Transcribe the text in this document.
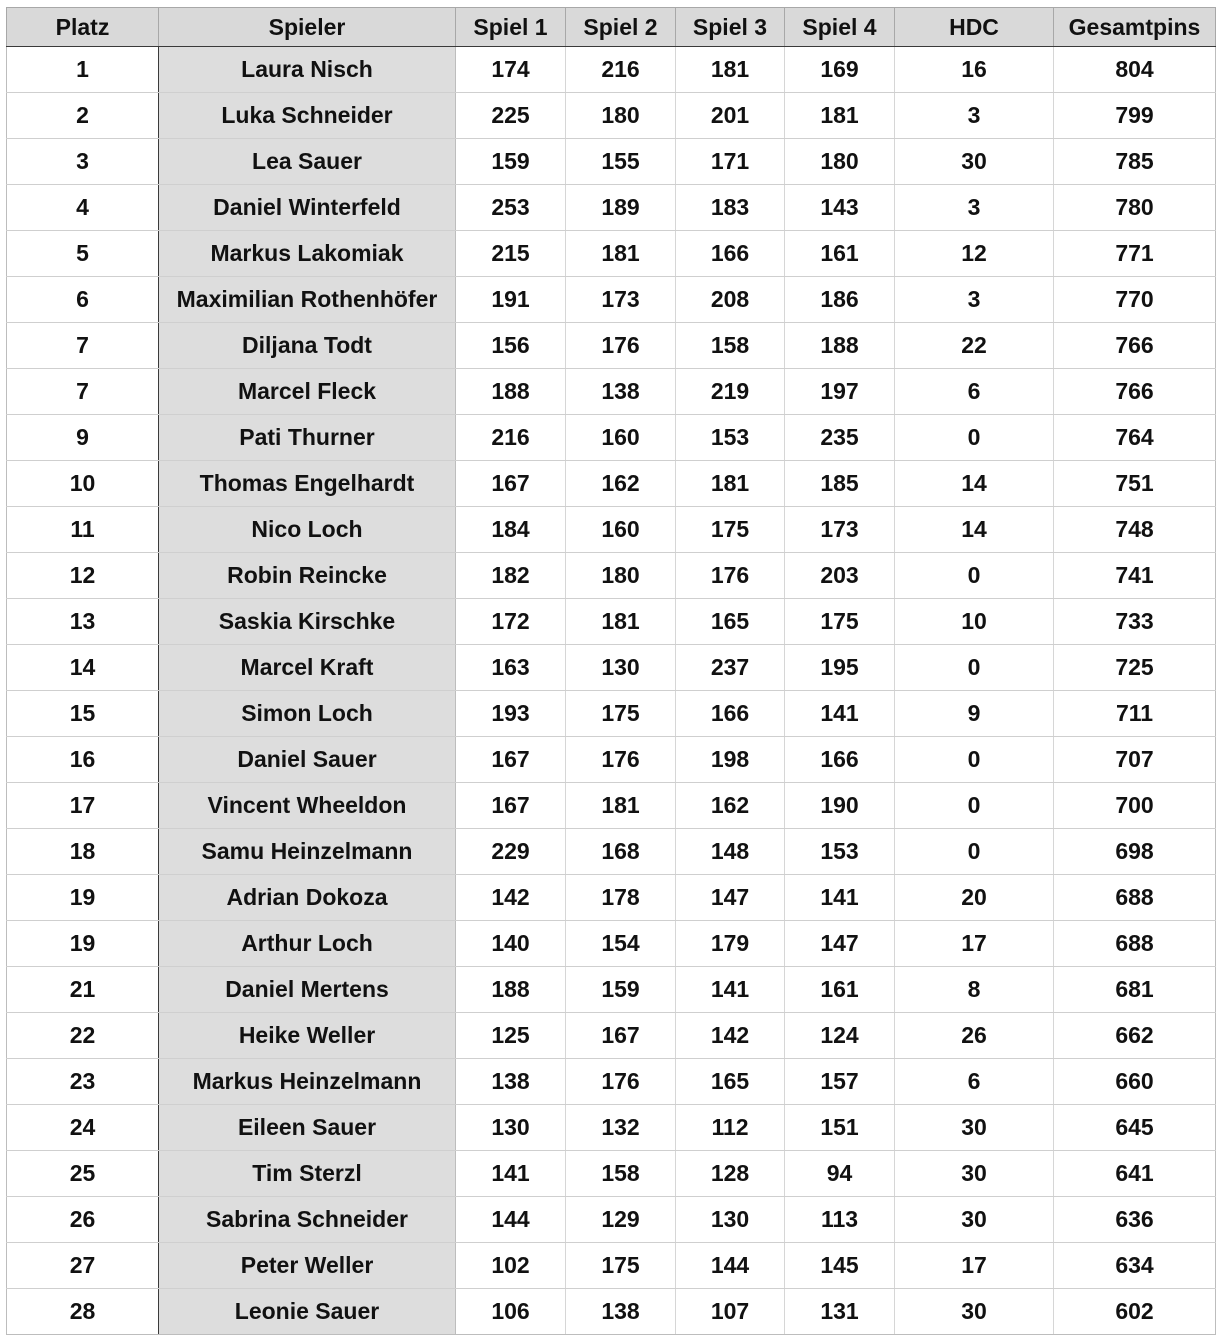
Platz	Spieler	Spiel 1	Spiel 2	Spiel 3	Spiel 4	HDC	Gesamtpins
1	Laura Nisch	174	216	181	169	16	804
2	Luka Schneider	225	180	201	181	3	799
3	Lea Sauer	159	155	171	180	30	785
4	Daniel Winterfeld	253	189	183	143	3	780
5	Markus Lakomiak	215	181	166	161	12	771
6	Maximilian Rothenhöfer	191	173	208	186	3	770
7	Diljana Todt	156	176	158	188	22	766
7	Marcel Fleck	188	138	219	197	6	766
9	Pati Thurner	216	160	153	235	0	764
10	Thomas Engelhardt	167	162	181	185	14	751
11	Nico Loch	184	160	175	173	14	748
12	Robin Reincke	182	180	176	203	0	741
13	Saskia Kirschke	172	181	165	175	10	733
14	Marcel Kraft	163	130	237	195	0	725
15	Simon Loch	193	175	166	141	9	711
16	Daniel Sauer	167	176	198	166	0	707
17	Vincent Wheeldon	167	181	162	190	0	700
18	Samu Heinzelmann	229	168	148	153	0	698
19	Adrian Dokoza	142	178	147	141	20	688
19	Arthur Loch	140	154	179	147	17	688
21	Daniel Mertens	188	159	141	161	8	681
22	Heike Weller	125	167	142	124	26	662
23	Markus Heinzelmann	138	176	165	157	6	660
24	Eileen Sauer	130	132	112	151	30	645
25	Tim Sterzl	141	158	128	94	30	641
26	Sabrina Schneider	144	129	130	113	30	636
27	Peter Weller	102	175	144	145	17	634
28	Leonie Sauer	106	138	107	131	30	602
